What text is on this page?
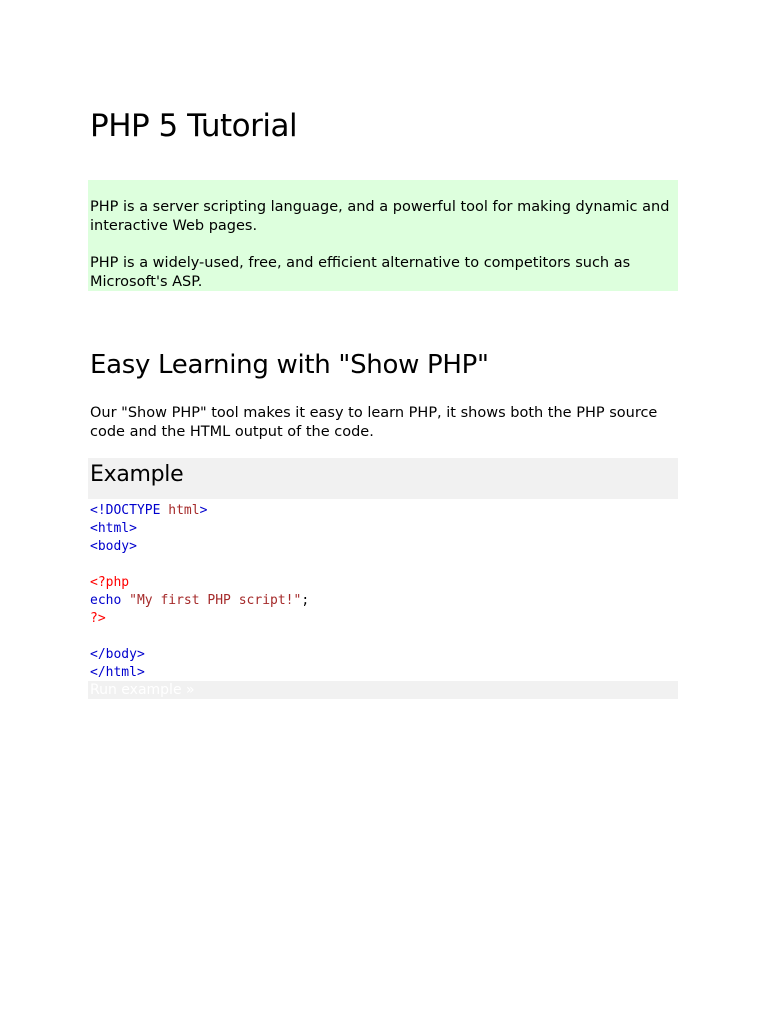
PHP 5 Tutorial

PHP is a server scripting language, and a powerful tool for making dynamic and interactive Web pages.

PHP is a widely-used, free, and efficient alternative to competitors such as Microsoft's ASP.

Easy Learning with "Show PHP"

Our "Show PHP" tool makes it easy to learn PHP, it shows both the PHP source code and the HTML output of the code.

Example
<!DOCTYPE html>
<html>
<body>
<?php
echo "My first PHP script!";
?>
</body>
</html>
Run example »
